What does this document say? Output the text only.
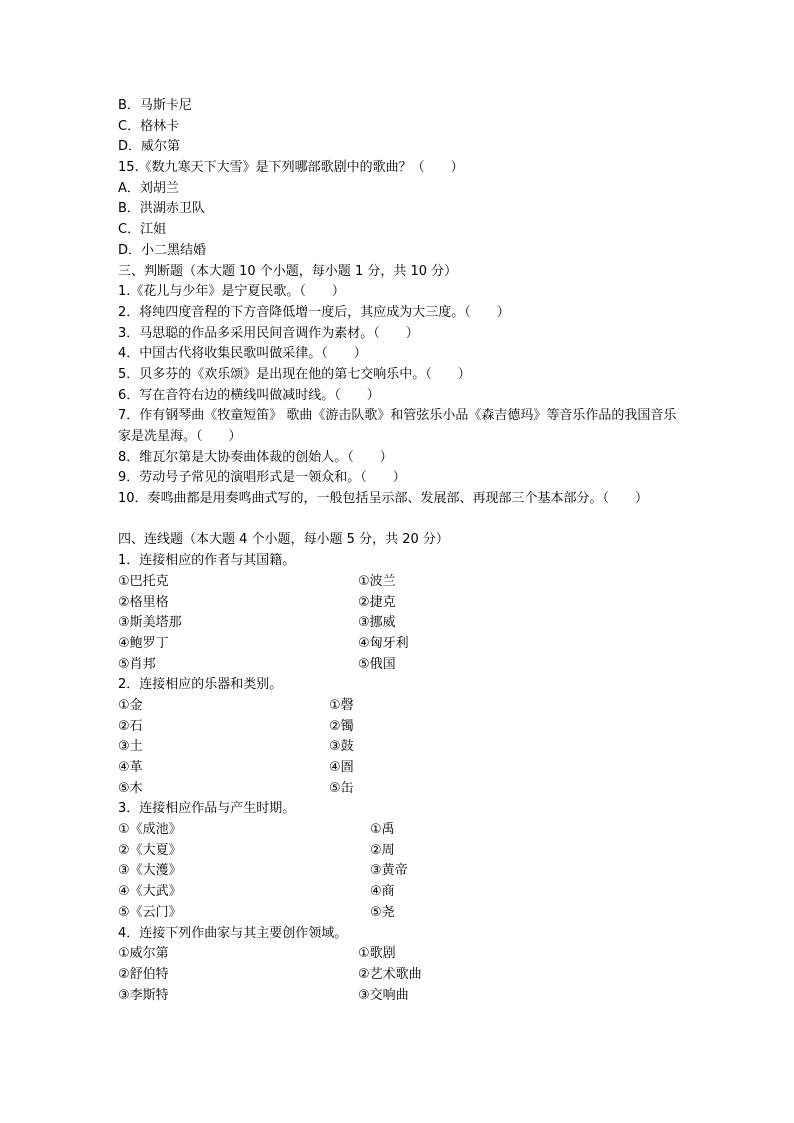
B．马斯卡尼
C．格林卡
D．威尔第
15.《数九寒天下大雪》是下列哪部歌剧中的歌曲？（　　）
A．刘胡兰
B．洪湖赤卫队
C．江姐
D．小二黑结婚
三、判断题（本大题 10 个小题，每小题 1 分，共 10 分）
1.《花儿与少年》是宁夏民歌。（　　）
2．将纯四度音程的下方音降低增一度后，其应成为大三度。（　　）
3．马思聪的作品多采用民间音调作为素材。（　　）
4．中国古代将收集民歌叫做采律。（　　）
5．贝多芬的《欢乐颂》是出现在他的第七交响乐中。（　　）
6．写在音符右边的横线叫做减时线。（　　）
7．作有钢琴曲《牧童短笛》 歌曲《游击队歌》和管弦乐小品《森吉德玛》等音乐作品的我国音乐家是冼星海。（　　）
8．维瓦尔第是大协奏曲体裁的创始人。（　　）
9．劳动号子常见的演唱形式是一领众和。（　　）
10．奏鸣曲都是用奏鸣曲式写的，一般包括呈示部、发展部、再现部三个基本部分。（　　）
四、连线题（本大题 4 个小题，每小题 5 分，共 20 分）
1．连接相应的作者与其国籍。
①巴托克	①波兰
②格里格	②捷克
③斯美塔那	③挪威
④鲍罗丁	④匈牙利
⑤肖邦	⑤俄国
2．连接相应的乐器和类别。
①金	①磬
②石	②镯
③土	③鼓
④革	④圄
⑤木	⑤缶
3．连接相应作品与产生时期。
①《成池》	①禹
②《大夏》	②周
③《大濩》	③黄帝
④《大武》	④商
⑤《云门》	⑤尧
4．连接下列作曲家与其主要创作领域。
①威尔第	①歌剧
②舒伯特	②艺术歌曲
③李斯特	③交响曲
